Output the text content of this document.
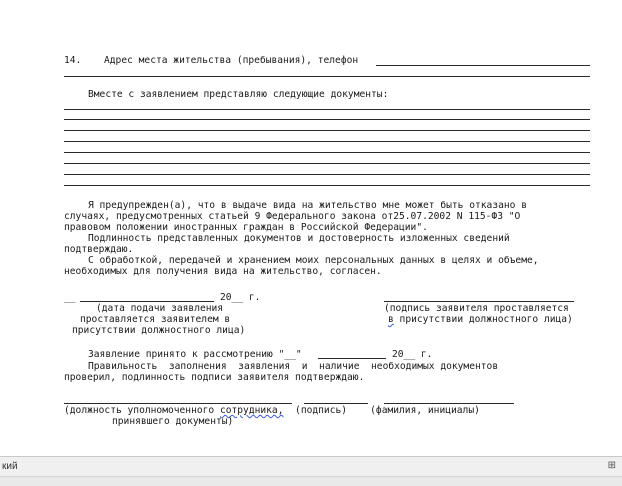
14. Адрес места жительства (пребывания), телефон
Вместе с заявлением представляю следующие документы:
Я предупрежден(а), что в выдаче вида на жительство мне может быть отказано в
случаях, предусмотренных статьей 9 Федерального закона от25.07.2002 N 115-ФЗ "О
правовом положении иностранных граждан в Российской Федерации".
Подлинность представленных документов и достоверность изложенных сведений
подтверждаю.
С обработкой, передачей и хранением моих персональных данных в целях и объеме,
необходимых для получения вида на жительство, согласен.
__	20__ г.
(дата подачи заявления
проставляется заявителем в
присутствии должностного лица)
(подпись заявителя проставляется
в присутствии должностного лица)
Заявление принято к рассмотрению "__"	20__ г.
Правильность  заполнения  заявления  и  наличие  необходимых документов
проверил, подлинность подписи заявителя подтверждаю.
(должность уполномоченного сотрудника,  (подпись)    (фамилия, инициалы)
принявшего документы)
кий	⊞
